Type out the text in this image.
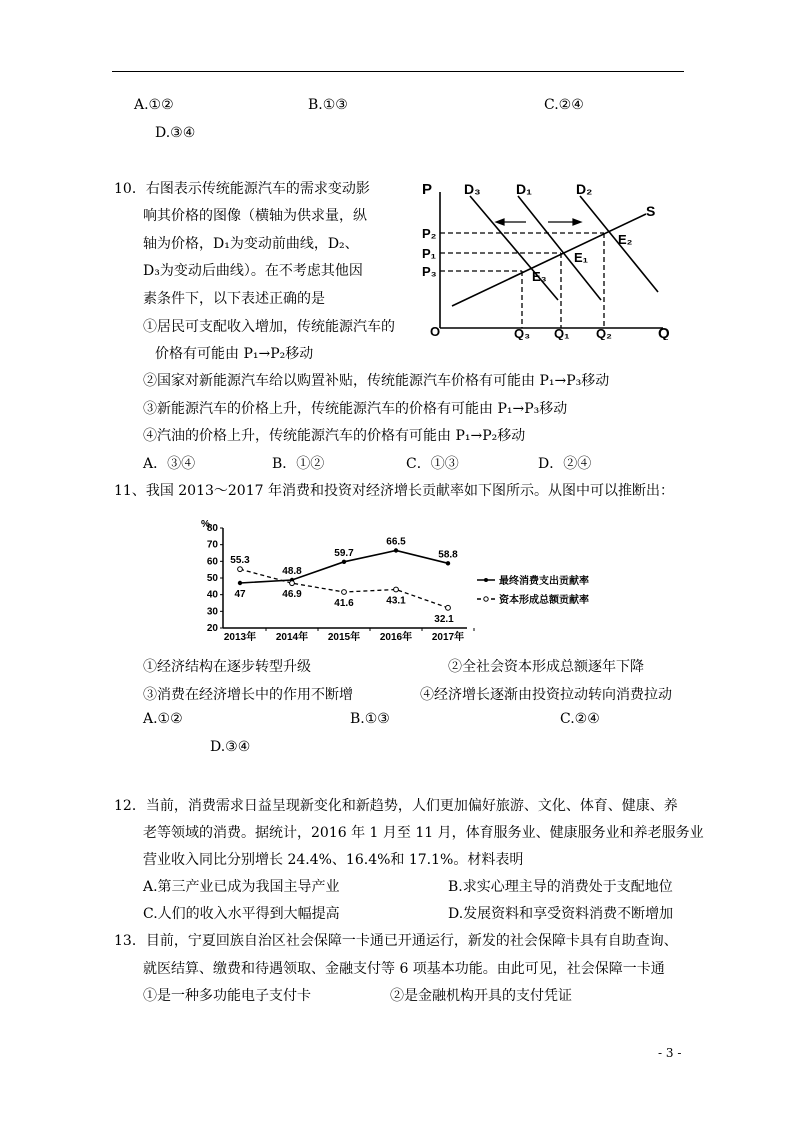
A.①②	B.①③	C.②④
D.③④
10．右图表示传统能源汽车的需求变动影
响其价格的图像（横轴为供求量，纵
轴为价格，D₁为变动前曲线，D₂、
D₃为变动后曲线）。在不考虑其他因
素条件下，以下表述正确的是
①居民可支配收入增加，传统能源汽车的
价格有可能由 P₁→P₂移动
②国家对新能源汽车给以购置补贴，传统能源汽车价格有可能由 P₁→P₃移动
③新能源汽车的价格上升，传统能源汽车的价格有可能由 P₁→P₃移动
④汽油的价格上升，传统能源汽车的价格有可能由 P₁→P₂移动
A．③④	B．①②	C．①③	D．②④
P
Q
O
D₃	D₁	D₂
S
E₂
E₁
E₃
P₂
P₁
P₃
Q₃ Q₁ Q₂
11、我国 2013～2017 年消费和投资对经济增长贡献率如下图所示。从图中可以推断出：
%
80
70
60
50
40
30
20
2013年 2014年 2015年 2016年 2017年
47
48.8
59.7
66.5
58.8
最终消费支出贡献率
55.3
46.9
41.6	43.1
32.1
资本形成总额贡献率
①经济结构在逐步转型升级	②全社会资本形成总额逐年下降
③消费在经济增长中的作用不断增	④经济增长逐渐由投资拉动转向消费拉动
A.①②	B.①③	C.②④
D.③④
12．当前，消费需求日益呈现新变化和新趋势，人们更加偏好旅游、文化、体育、健康、养
老等领域的消费。据统计，2016 年 1 月至 11 月，体育服务业、健康服务业和养老服务业
营业收入同比分别增长 24.4%、16.4%和 17.1%。材料表明
A.第三产业已成为我国主导产业	B.求实心理主导的消费处于支配地位
C.人们的收入水平得到大幅提高	D.发展资料和享受资料消费不断增加
13．目前，宁夏回族自治区社会保障一卡通已开通运行，新发的社会保障卡具有自助查询、
就医结算、缴费和待遇领取、金融支付等 6 项基本功能。由此可见，社会保障一卡通
①是一种多功能电子支付卡	②是金融机构开具的支付凭证
- 3 -
